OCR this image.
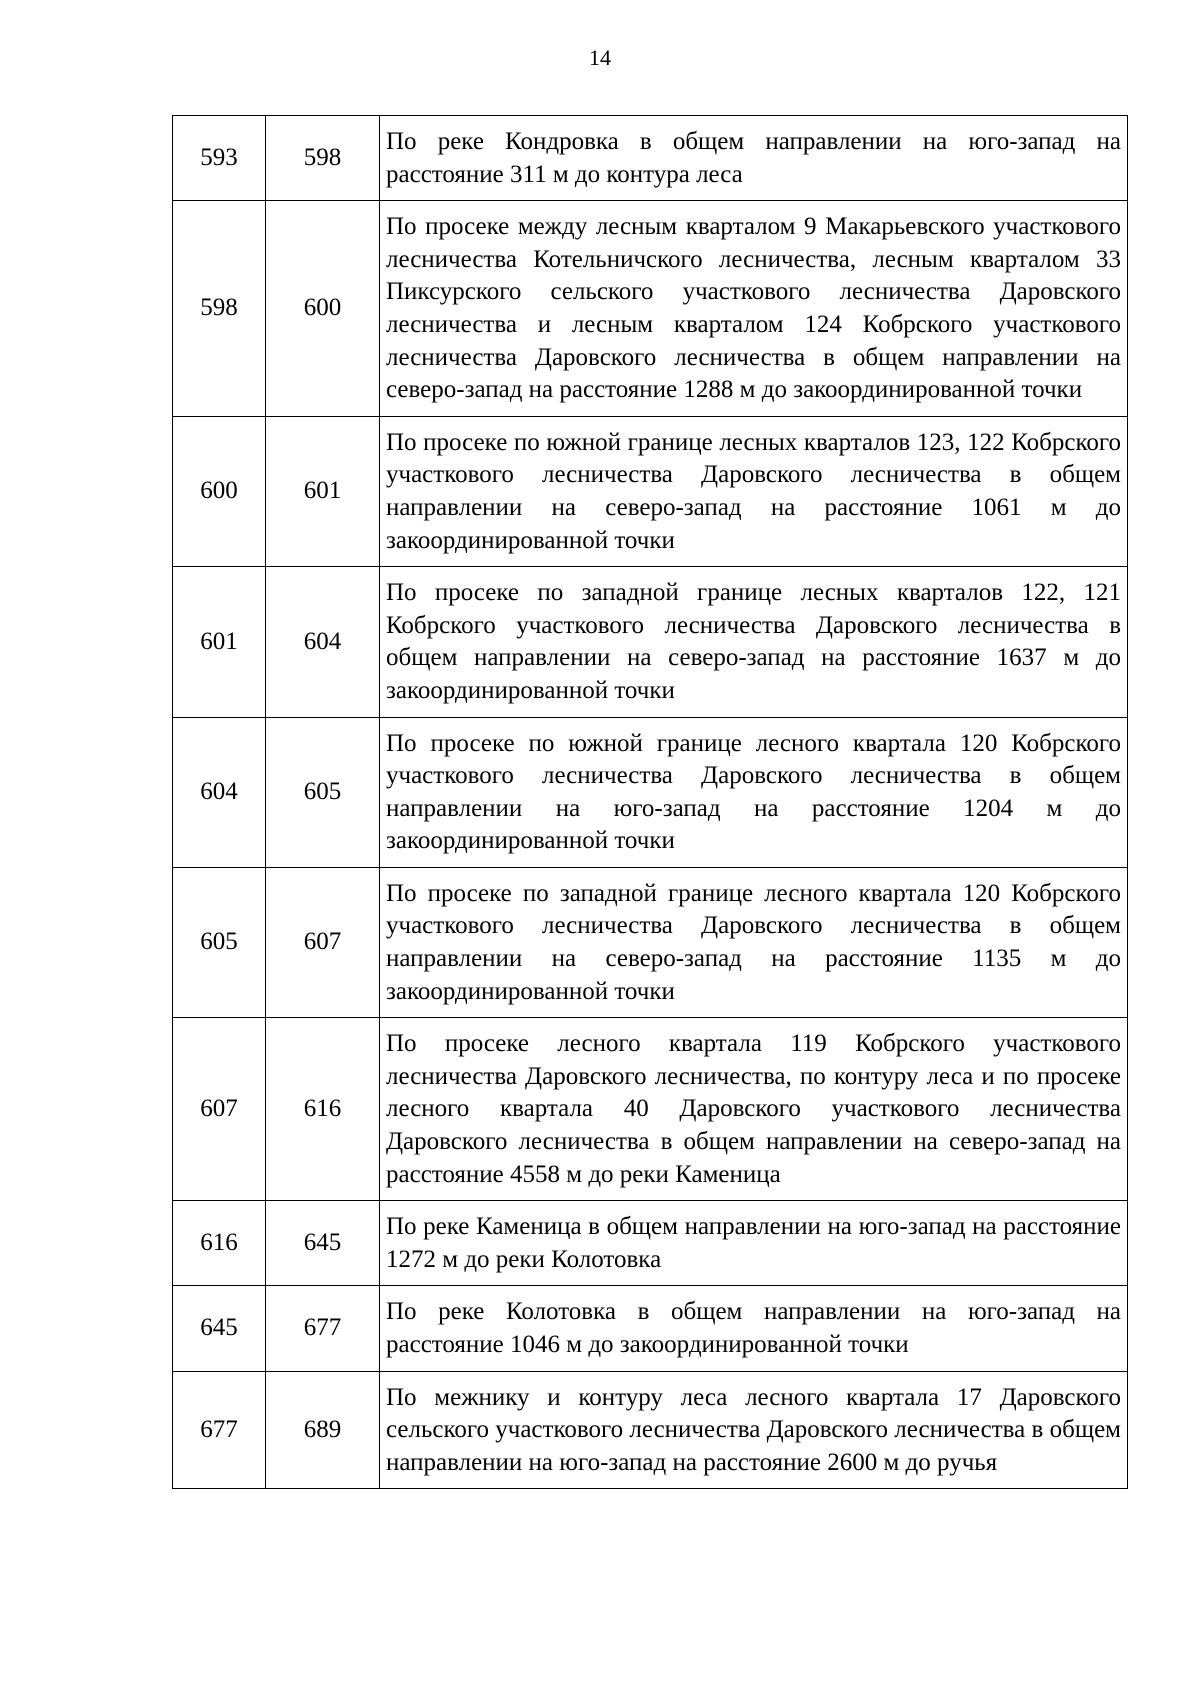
14
593	598	По реке Кондровка в общем направлении на юго-запад на расстояние 311 м до контура леса
598	600	По просеке между лесным кварталом 9 Макарьевского участкового лесничества Котельничского лесничества, лесным кварталом 33 Пиксурского сельского участкового лесничества Даровского лесничества и лесным кварталом 124 Кобрского участкового лесничества Даровского лесничества в общем направлении на северо-запад на расстояние 1288 м до закоординированной точки
600	601	По просеке по южной границе лесных кварталов 123, 122 Кобрского участкового лесничества Даровского лесничества в общем направлении на северо-запад на расстояние 1061 м до закоординированной точки
601	604	По просеке по западной границе лесных кварталов 122, 121 Кобрского участкового лесничества Даровского лесничества в общем направлении на северо-запад на расстояние 1637 м до закоординированной точки
604	605	По просеке по южной границе лесного квартала 120 Кобрского участкового лесничества Даровского лесничества в общем направлении на юго-запад на расстояние 1204 м до закоординированной точки
605	607	По просеке по западной границе лесного квартала 120 Кобрского участкового лесничества Даровского лесничества в общем направлении на северо-запад на расстояние 1135 м до закоординированной точки
607	616	По просеке лесного квартала 119 Кобрского участкового лесничества Даровского лесничества, по контуру леса и по просеке лесного квартала 40 Даровского участкового лесничества Даровского лесничества в общем направлении на северо-запад на расстояние 4558 м до реки Каменица
616	645	По реке Каменица в общем направлении на юго-запад на расстояние 1272 м до реки Колотовка
645	677	По реке Колотовка в общем направлении на юго-запад на расстояние 1046 м до закоординированной точки
677	689	По межнику и контуру леса лесного квартала 17 Даровского сельского участкового лесничества Даровского лесничества в общем направлении на юго-запад на расстояние 2600 м до ручья
